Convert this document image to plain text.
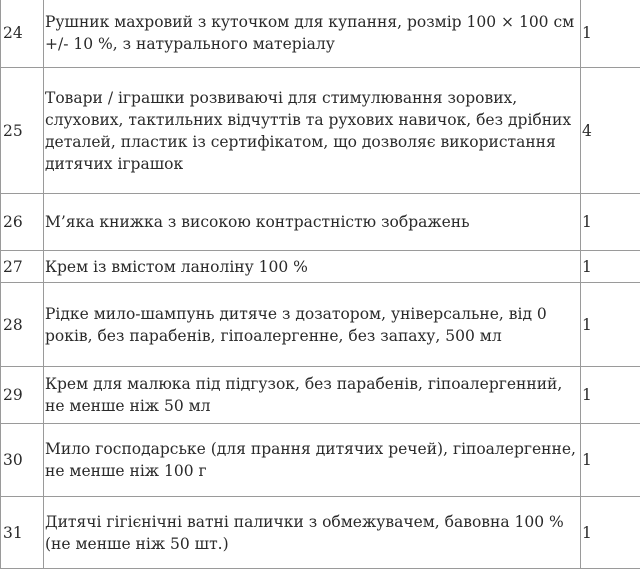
24	Рушник махровий з куточком для купання, розмір 100 × 100 см +/- 10 %, з натурального матеріалу	1
25	Товари / іграшки розвиваючі для стимулювання зорових, слухових, тактильних відчуттів та рухових навичок, без дрібних деталей, пластик із сертифікатом, що дозволяє використання дитячих іграшок	4
26	М’яка книжка з високою контрастністю зображень	1
27	Крем із вмістом ланоліну 100 %	1
28	Рідке мило-шампунь дитяче з дозатором, універсальне, від 0 років, без парабенів, гіпоалергенне, без запаху, 500 мл	1
29	Крем для малюка під підгузок, без парабенів, гіпоалергенний, не менше ніж 50 мл	1
30	Мило господарське (для прання дитячих речей), гіпоалергенне, не менше ніж 100 г	1
31	Дитячі гігієнічні ватні палички з обмежувачем, бавовна 100 % (не менше ніж 50 шт.)	1
